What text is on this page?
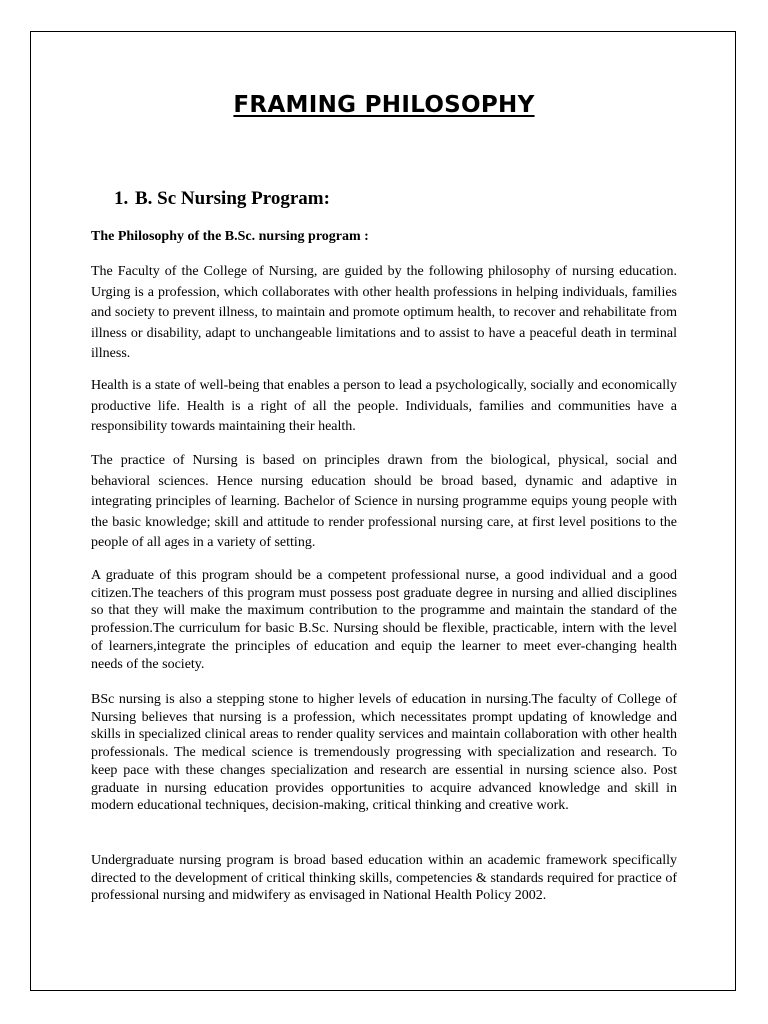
FRAMING PHILOSOPHY
1. B. Sc Nursing Program:

The Philosophy of the B.Sc. nursing program :

The Faculty of the College of Nursing, are guided by the following philosophy of nursing education. Urging is a profession, which collaborates with other health professions in helping individuals, families and society to prevent illness, to maintain and promote optimum health, to recover and rehabilitate from illness or disability, adapt to unchangeable limitations and to assist to have a peaceful death in terminal illness.

Health is a state of well-being that enables a person to lead a psychologically, socially and economically productive life. Health is a right of all the people. Individuals, families and communities have a responsibility towards maintaining their health.

The practice of Nursing is based on principles drawn from the biological, physical, social and behavioral sciences. Hence nursing education should be broad based, dynamic and adaptive in integrating principles of learning. Bachelor of Science in nursing programme equips young people with the basic knowledge; skill and attitude to render professional nursing care, at first level positions to the people of all ages in a variety of setting.

A graduate of this program should be a competent professional nurse, a good individual and a good citizen.The teachers of this program must possess post graduate degree in nursing and allied disciplines so that they will make the maximum contribution to the programme and maintain the standard of the profession.The curriculum for basic B.Sc. Nursing should be flexible, practicable, intern with the level of learners,integrate the principles of education and equip the learner to meet ever-changing health needs of the society.

BSc nursing is also a stepping stone to higher levels of education in nursing.The faculty of College of Nursing believes that nursing is a profession, which necessitates prompt updating of knowledge and skills in specialized clinical areas to render quality services and maintain collaboration with other health professionals. The medical science is tremendously progressing with specialization and research. To keep pace with these changes specialization and research are essential in nursing science also. Post graduate in nursing education provides opportunities to acquire advanced knowledge and skill in modern educational techniques, decision-making, critical thinking and creative work.

Undergraduate nursing program is broad based education within an academic framework specifically directed to the development of critical thinking skills, competencies & standards required for practice of professional nursing and midwifery as envisaged in National Health Policy 2002.
